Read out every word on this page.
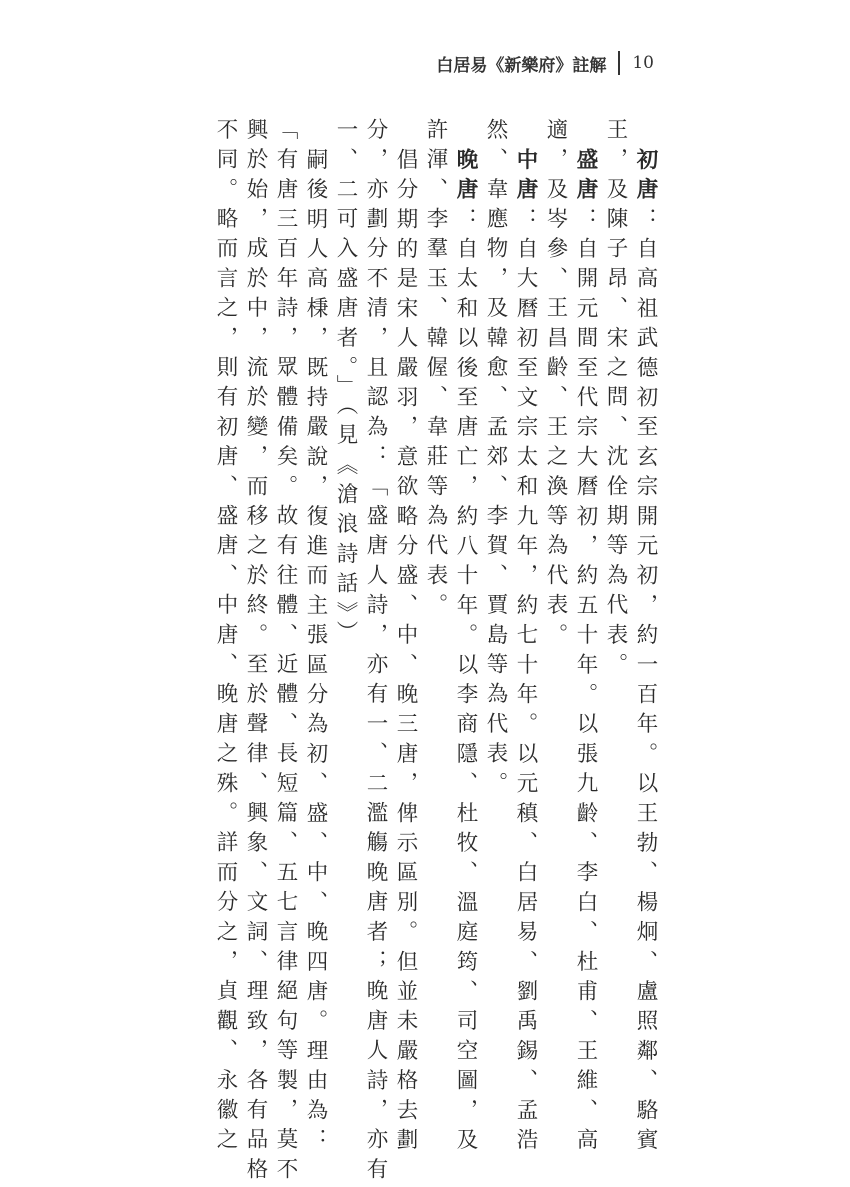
白居易《新樂府》註解 10
初唐：自高祖武德初至玄宗開元初，約一百年。以王勃、楊炯、盧照鄰、駱賓
王，及陳子昂、宋之問、沈佺期等為代表。
盛唐：自開元間至代宗大曆初，約五十年。以張九齡、李白、杜甫、王維、高
適，及岑參、王昌齡、王之渙等為代表。
中唐：自大曆初至文宗太和九年，約七十年。以元稹、白居易、劉禹錫、孟浩
然、韋應物，及韓愈、孟郊、李賀、賈島等為代表。
晚唐：自太和以後至唐亡，約八十年。以李商隱、杜牧、溫庭筠、司空圖，及
許渾、李羣玉、韓偓、韋莊等為代表。
倡分期的是宋人嚴羽，意欲略分盛、中、晚三唐，俾示區別。但並未嚴格去劃
分，亦劃分不清，且認為：「盛唐人詩，亦有一、二濫觴晚唐者；晚唐人詩，亦有
一、二可入盛唐者。」（見《滄浪詩話》）
嗣後明人高棅，既持嚴說，復進而主張區分為初、盛、中、晚四唐。理由為：
「有唐三百年詩，眾體備矣。故有往體、近體、長短篇、五七言律絕句等製，莫不
興於始，成於中，流於變，而移之於終。至於聲律、興象、文詞、理致，各有品格
不同。略而言之，則有初唐、盛唐、中唐、晚唐之殊。詳而分之，貞觀、永徽之
